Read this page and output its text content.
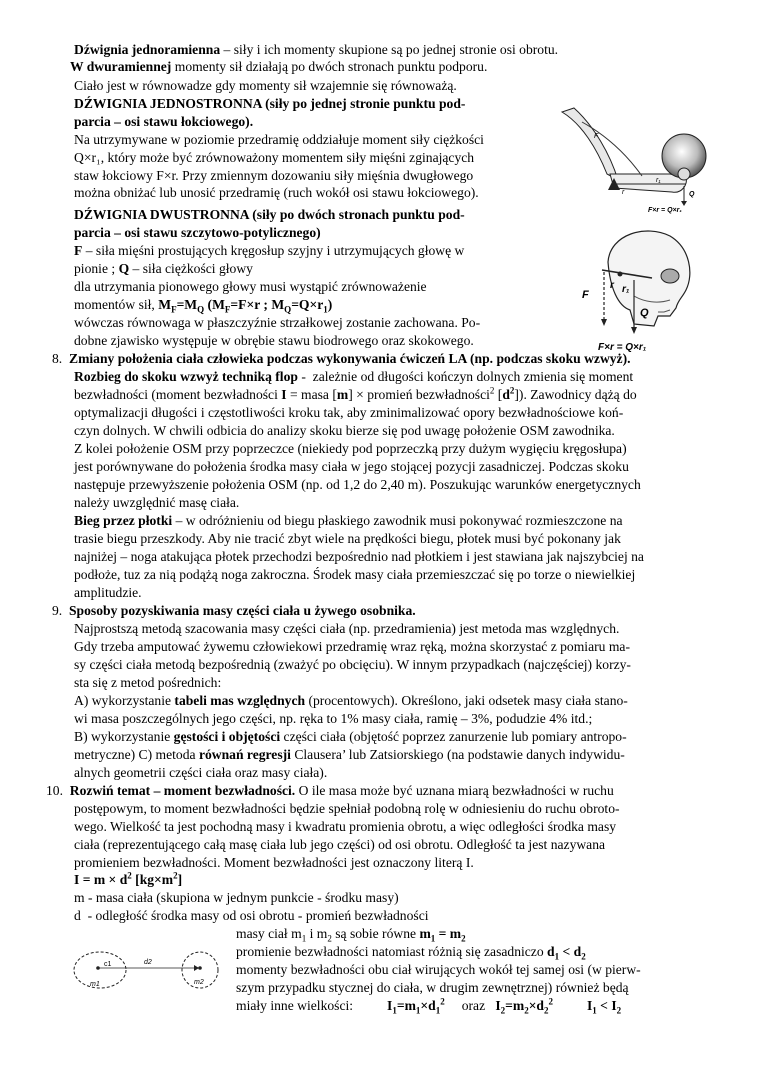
Dźwignia jednoramienna – siły i ich momenty skupione są po jednej stronie osi obrotu.

W dwuramiennej momenty sił działają po dwóch stronach punktu podporu.

Ciało jest w równowadze gdy momenty sił wzajemnie się równoważą.

DŹWIGNIA JEDNOSTRONNA (siły po jednej stronie punktu pod-

parcia – osi stawu łokciowego).

Na utrzymywane w poziomie przedramię oddziałuje moment siły ciężkości

Q×r₁, który może być zrównoważony momentem siły mięśni zginających

staw łokciowy F×r. Przy zmiennym dozowaniu siły mięśnia dwugłowego

można obniżać lub unosić przedramię (ruch wokół osi stawu łokciowego).

DŹWIGNIA DWUSTRONNA (siły po dwóch stronach punktu pod-

parcia – osi stawu szczytowo-potylicznego)

F – siła mięśni prostujących kręgosłup szyjny i utrzymujących głowę w

pionie ; Q – siła ciężkości głowy

dla utrzymania pionowego głowy musi wystąpić zrównoważenie

momentów sił, $M_F=M_Q$ ($M_F=F\times r$ ; $M_Q=Q\times r_1$)

wówczas równowaga w płaszczyźnie strzałkowej zostanie zachowana. Po-

dobne zjawisko występuje w obrębie stawu biodrowego oraz skokowego.

8.  Zmiany położenia ciała człowieka podczas wykonywania ćwiczeń LA (np. podczas skoku wzwyż).

Rozbieg do skoku wzwyż techniką flop -  zależnie od długości kończyn dolnych zmienia się moment

bezwładności (moment bezwładności I = masa [m] × promień bezwładności$^2$ $[d^2]$). Zawodnicy dążą do

optymalizacji długości i częstotliwości kroku tak, aby zminimalizować opory bezwładnościowe koń-

czyn dolnych. W chwili odbicia do analizy skoku bierze się pod uwagę położenie OSM zawodnika.

Z kolei położenie OSM przy poprzeczce (niekiedy pod poprzeczką przy dużym wygięciu kręgosłupa)

jest porównywane do położenia środka masy ciała w jego stojącej pozycji zasadniczej. Podczas skoku

następuje przewyższenie położenia OSM (np. od 1,2 do 2,40 m). Poszukując warunków energetycznych

należy uwzględnić masę ciała.

Bieg przez płotki – w odróżnieniu od biegu płaskiego zawodnik musi pokonywać rozmieszczone na

trasie biegu przeszkody. Aby nie tracić zbyt wiele na prędkości biegu, płotek musi być pokonany jak

najniżej – noga atakująca płotek przechodzi bezpośrednio nad płotkiem i jest stawiana jak najszybciej na

podłoże, tuz za nią podążą noga zakroczna. Środek masy ciała przemieszczać się po torze o niewielkiej

amplitudzie.

9.  Sposoby pozyskiwania masy części ciała u żywego osobnika.

Najprostszą metodą szacowania masy części ciała (np. przedramienia) jest metoda mas względnych.

Gdy trzeba amputować żywemu człowiekowi przedramię wraz ręką, można skorzystać z pomiaru ma-

sy części ciała metodą bezpośrednią (zważyć po obcięciu). W innym przypadkach (najczęściej) korzy-

sta się z metod pośrednich:

A) wykorzystanie tabeli mas względnych (procentowych). Określono, jaki odsetek masy ciała stano-

wi masa poszczególnych jego części, np. ręka to 1% masy ciała, ramię – 3%, podudzie 4% itd.;

B) wykorzystanie gęstości i objętości części ciała (objętość poprzez zanurzenie lub pomiary antropo-

metryczne) C) metoda równań regresji Clausera’ lub Zatsiorskiego (na podstawie danych indywidu-

alnych geometrii części ciała oraz masy ciała).

10.  Rozwiń temat – moment bezwładności. O ile masa może być uznana miarą bezwładności w ruchu

postępowym, to moment bezwładności będzie spełniał podobną rolę w odniesieniu do ruchu obroto-

wego. Wielkość ta jest pochodną masy i kwadratu promienia obrotu, a więc odległości środka masy

ciała (reprezentującego całą masę ciała lub jego części) od osi obrotu. Odległość ta jest nazywana

promieniem bezwładności. Moment bezwładności jest oznaczony literą I.

$I = m \times d^2$ $[kg\times m^2]$

m - masa ciała (skupiona w jednym punkcie - środku masy)

d  - odległość środka masy od osi obrotu - promień bezwładności

masy ciał $m_1$ i $m_2$ są sobie równe $m_1 = m_2$

promienie bezwładności natomiast różnią się zasadniczo $d_1 < d_2$

momenty bezwładności obu ciał wirujących wokół tej samej osi (w pierw-

szym przypadku stycznej do ciała, w drugim zewnętrznej) również będą

miały inne wielkości:          $I_1=m_1\times d_1^2$     oraz   $I_2=m_2\times d_2^2$ $I_1 < I_2$

F
r
r₁
Q
F×r = Q×r₁
F
r r₁
Q
F×r = Q×r₁
c1	d2
m1	m2
